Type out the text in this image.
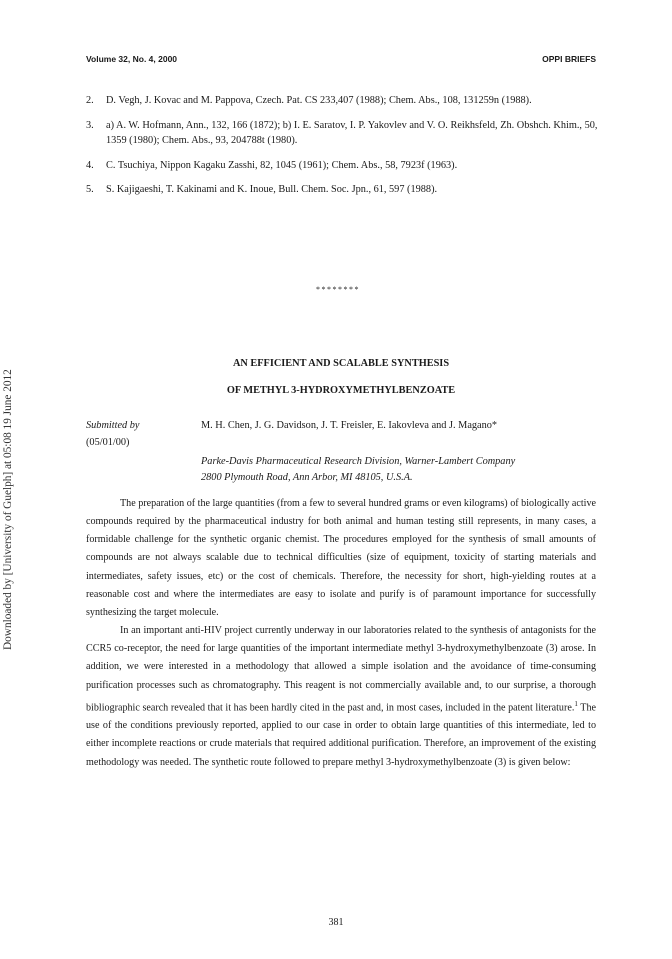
Volume 32, No. 4, 2000	OPPI BRIEFS
Downloaded by [University of Guelph] at 05:08 19 June 2012
2.	D. Vegh, J. Kovac and M. Pappova, Czech. Pat. CS 233,407 (1988); Chem. Abs., 108, 131259n (1988).
3.	a) A. W. Hofmann, Ann., 132, 166 (1872); b) I. E. Saratov, I. P. Yakovlev and V. O. Reikhsfeld, Zh. Obshch. Khim., 50, 1359 (1980); Chem. Abs., 93, 204788t (1980).
4.	C. Tsuchiya, Nippon Kagaku Zasshi, 82, 1045 (1961); Chem. Abs., 58, 7923f (1963).
5.	S. Kajigaeshi, T. Kakinami and K. Inoue, Bull. Chem. Soc. Jpn., 61, 597 (1988).
********
AN EFFICIENT AND SCALABLE SYNTHESIS
OF METHYL 3-HYDROXYMETHYLBENZOATE
Submitted by
(05/01/00)
M. H. Chen, J. G. Davidson, J. T. Freisler, E. Iakovleva and J. Magano*
Parke-Davis Pharmaceutical Research Division, Warner-Lambert Company
2800 Plymouth Road, Ann Arbor, MI 48105, U.S.A.

The preparation of the large quantities (from a few to several hundred grams or even kilograms) of biologically active compounds required by the pharmaceutical industry for both animal and human testing still represents, in many cases, a formidable challenge for the synthetic organic chemist. The procedures employed for the synthesis of small amounts of compounds are not always scalable due to technical difficulties (size of equipment, toxicity of starting materials and intermediates, safety issues, etc) or the cost of chemicals. Therefore, the necessity for short, high-yielding routes at a reasonable cost and where the intermediates are easy to isolate and purify is of paramount importance for successfully synthesizing the target molecule.

In an important anti-HIV project currently underway in our laboratories related to the synthesis of antagonists for the CCR5 co-receptor, the need for large quantities of the important intermediate methyl 3-hydroxymethylbenzoate (3) arose. In addition, we were interested in a methodology that allowed a simple isolation and the avoidance of time-consuming purification processes such as chromatography. This reagent is not commercially available and, to our surprise, a thorough bibliographic search revealed that it has been hardly cited in the past and, in most cases, included in the patent literature.$^1$ The use of the conditions previously reported, applied to our case in order to obtain large quantities of this intermediate, led to either incomplete reactions or crude materials that required additional purification. Therefore, an improvement of the existing methodology was needed. The synthetic route followed to prepare methyl 3-hydroxymethylbenzoate (3) is given below:

381
